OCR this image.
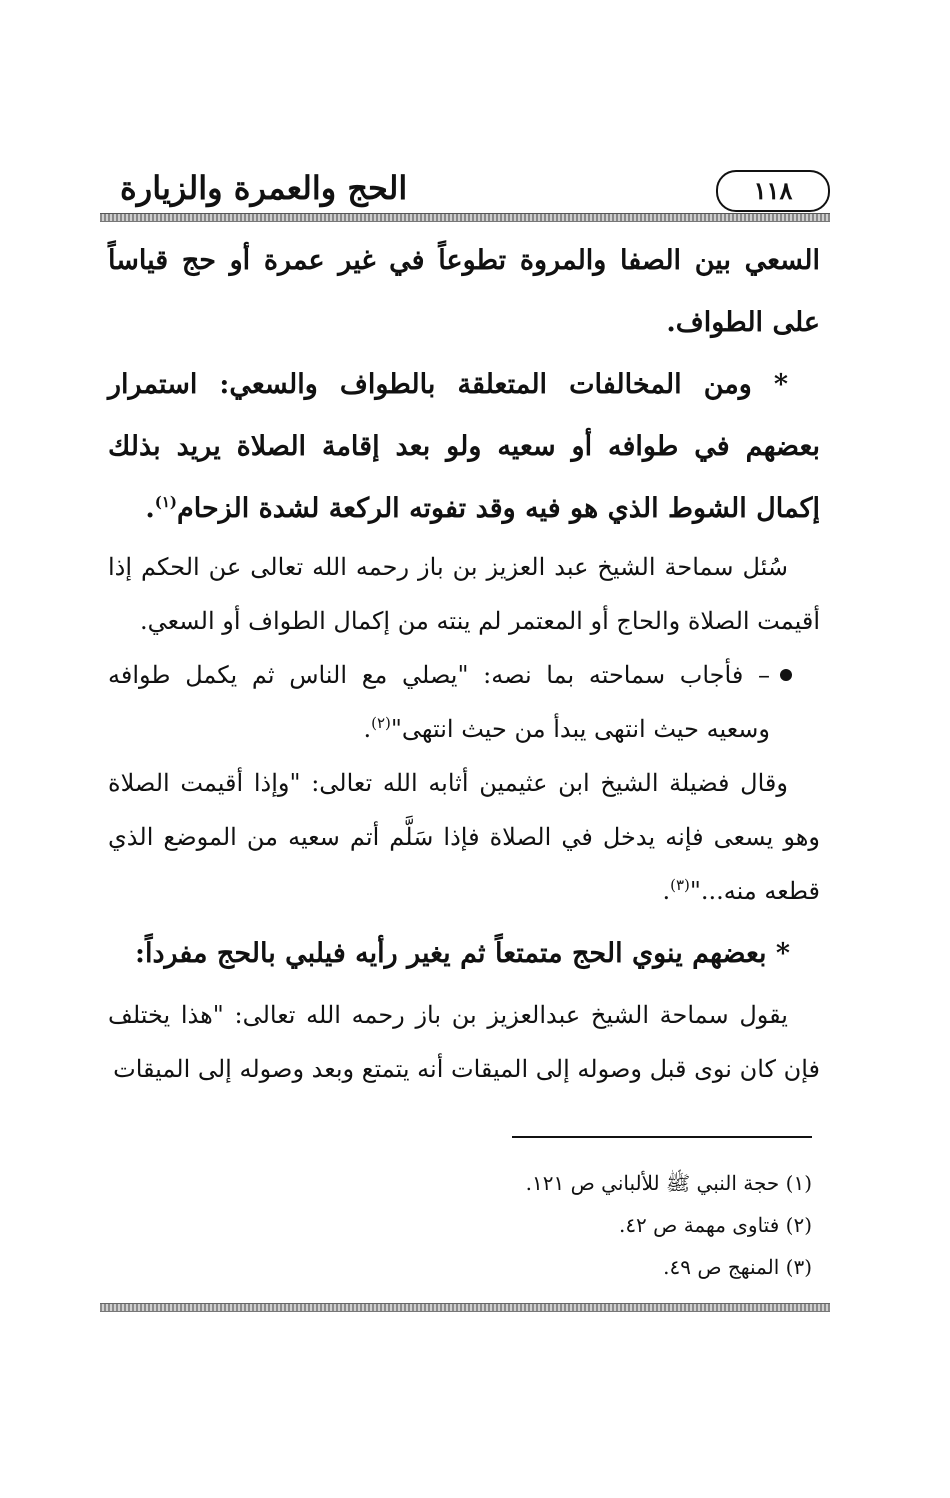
الحج والعمرة والزيارة	١١٨

السعي بين الصفا والمروة تطوعاً في غير عمرة أو حج قياساً على الطواف.

* ومن المخالفات المتعلقة بالطواف والسعي: استمرار بعضهم في طوافه أو سعيه ولو بعد إقامة الصلاة يريد بذلك إكمال الشوط الذي هو فيه وقد تفوته الركعة لشدة الزحام$^{(١)}$.

سُئل سماحة الشيخ عبد العزيز بن باز رحمه الله تعالى عن الحكم إذا أقيمت الصلاة والحاج أو المعتمر لم ينته من إكمال الطواف أو السعي.

– فأجاب سماحته بما نصه: "يصلي مع الناس ثم يكمل طوافه وسعيه حيث انتهى يبدأ من حيث انتهى"$^{(٢)}$.

وقال فضيلة الشيخ ابن عثيمين أثابه الله تعالى: "وإذا أقيمت الصلاة وهو يسعى فإنه يدخل في الصلاة فإذا سَلَّم أتم سعيه من الموضع الذي قطعه منه..."$^{(٣)}$.

* بعضهم ينوي الحج متمتعاً ثم يغير رأيه فيلبي بالحج مفرداً:

يقول سماحة الشيخ عبدالعزيز بن باز رحمه الله تعالى: "هذا يختلف فإن كان نوى قبل وصوله إلى الميقات أنه يتمتع وبعد وصوله إلى الميقات

(١) حجة النبي ﷺ للألباني ص ١٢١.
(٢) فتاوى مهمة ص ٤٢.
(٣) المنهج ص ٤٩.
